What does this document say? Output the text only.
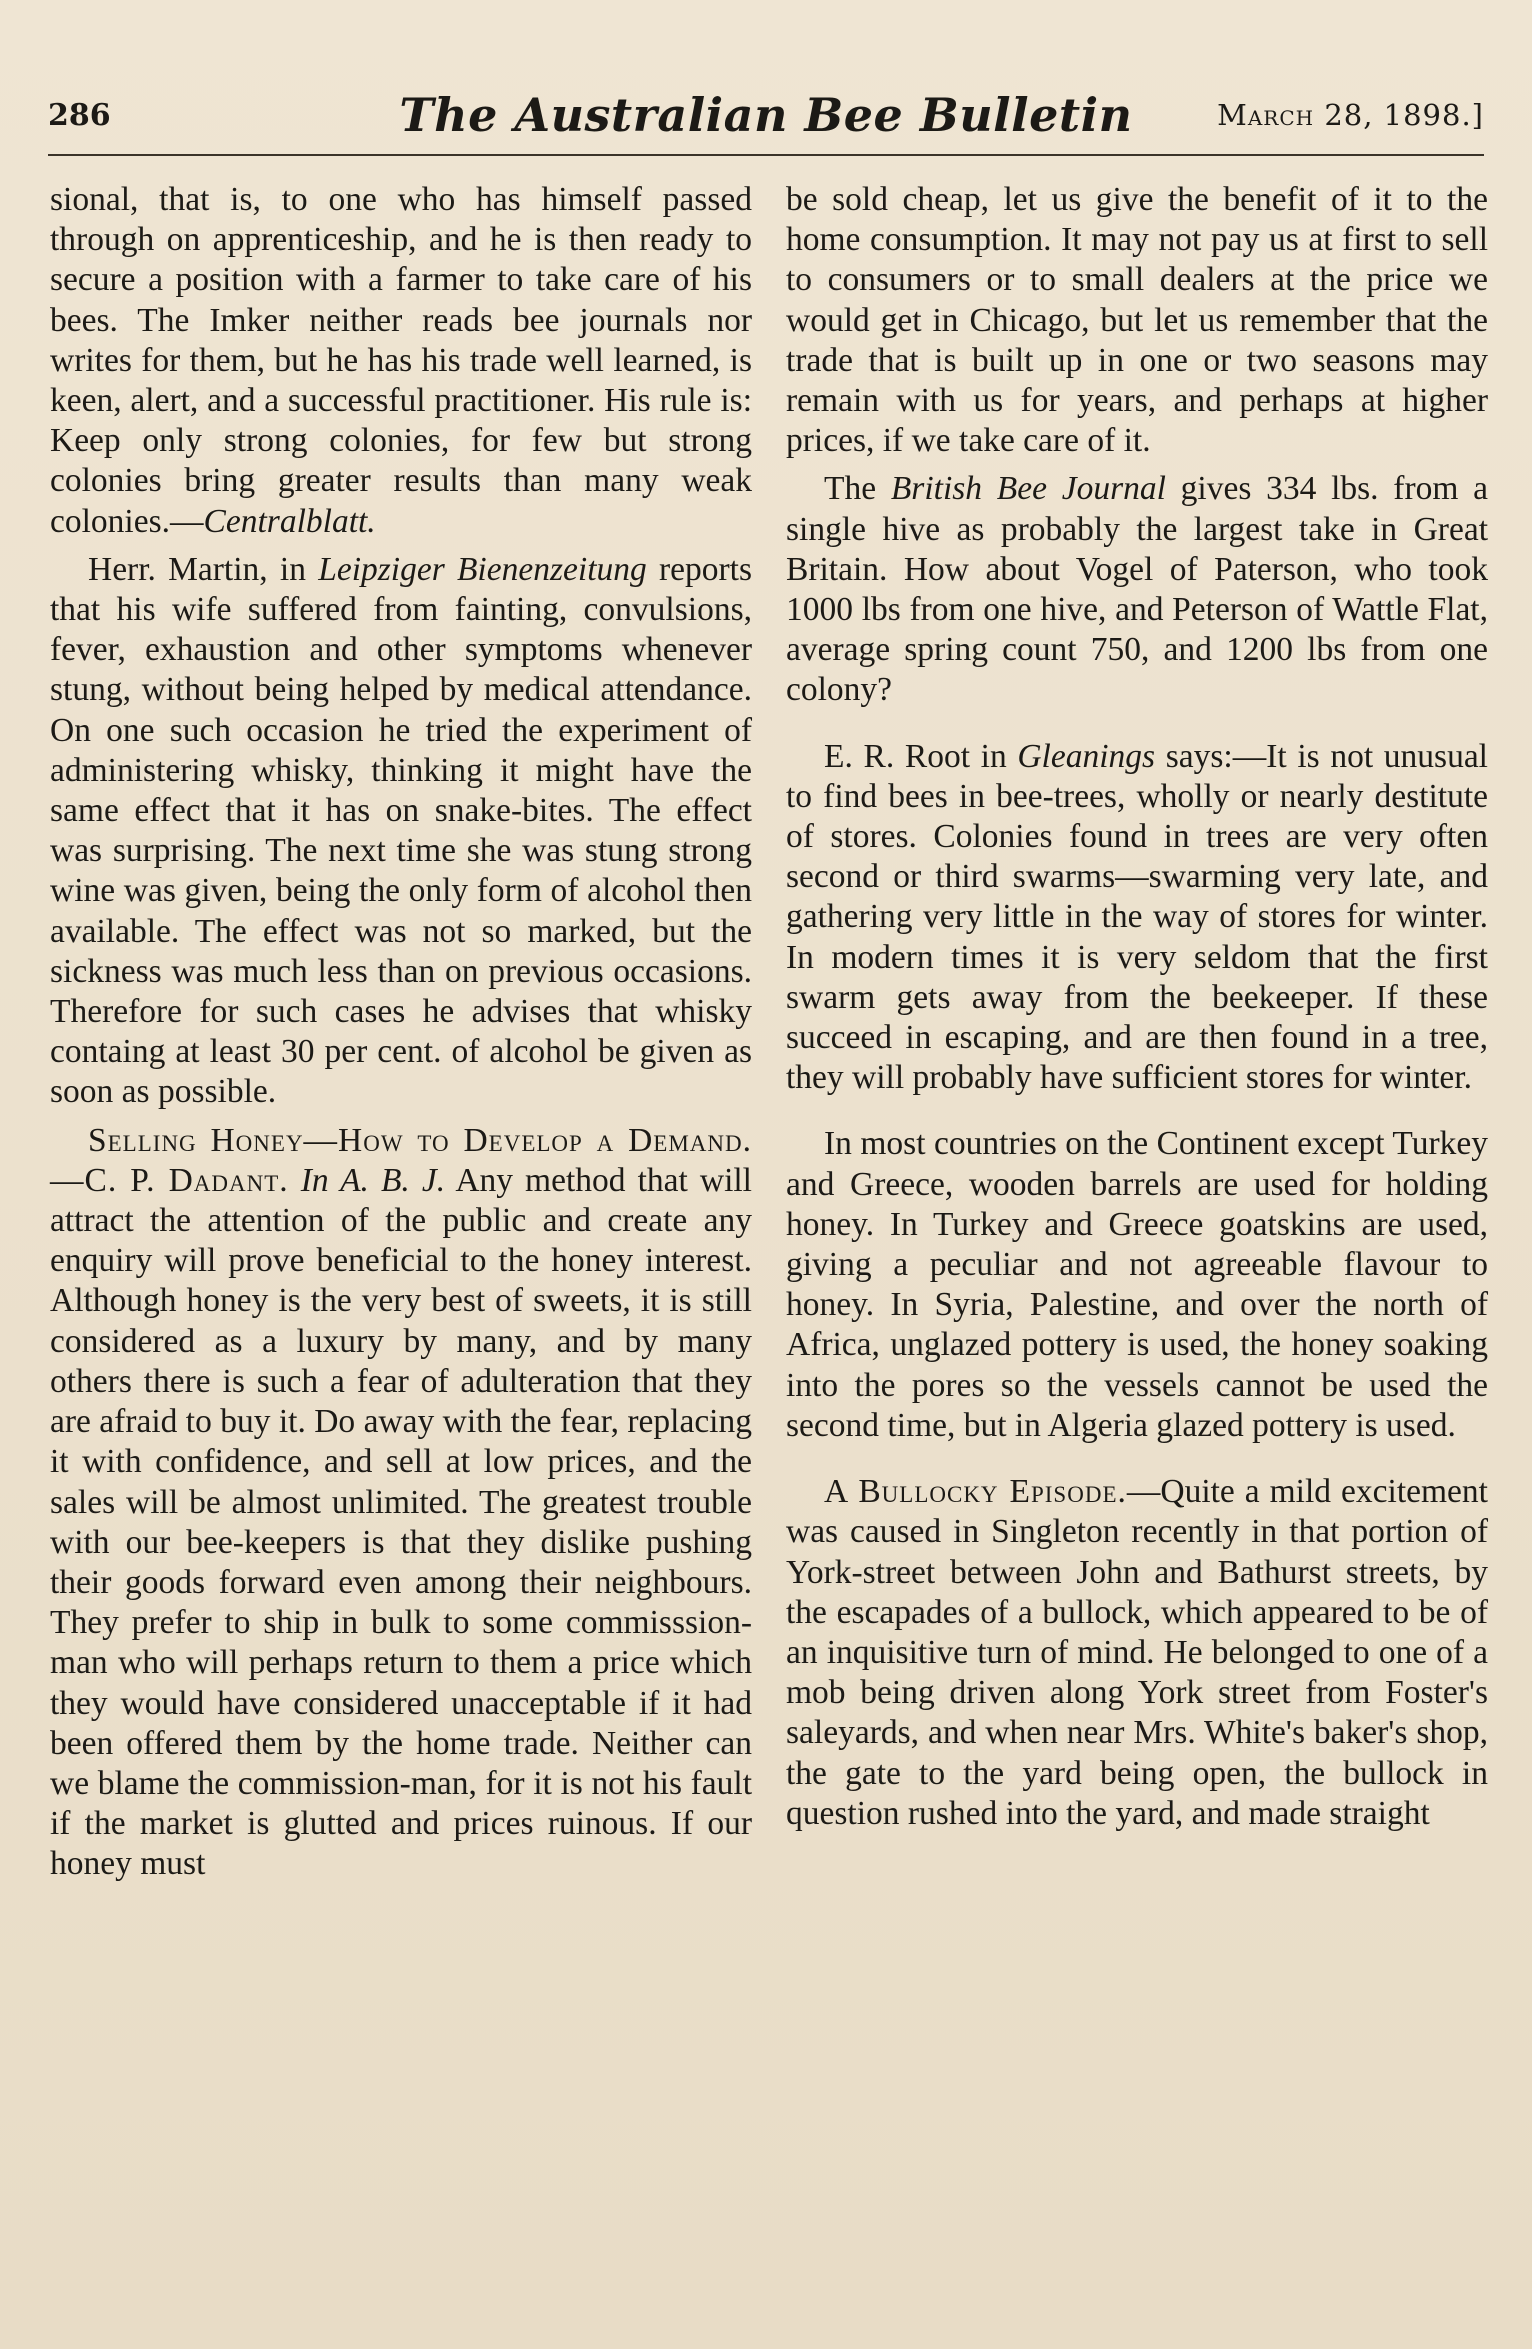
286	The Australian Bee Bulletin	March 28, 1898.]

sional, that is, to one who has himself passed through on apprenticeship, and he is then ready to secure a position with a farmer to take care of his bees. The Imker neither reads bee journals nor writes for them, but he has his trade well learned, is keen, alert, and a successful practitioner. His rule is: Keep only strong colonies, for few but strong colonies bring greater results than many weak colonies.—Centralblatt.

Herr. Martin, in Leipziger Bienenzeitung reports that his wife suffered from fainting, convulsions, fever, exhaustion and other symptoms whenever stung, without being helped by medical attendance. On one such occasion he tried the experiment of administering whisky, thinking it might have the same effect that it has on snake-bites. The effect was surprising. The next time she was stung strong wine was given, being the only form of alcohol then available. The effect was not so marked, but the sickness was much less than on previous occasions. Therefore for such cases he advises that whisky containg at least 30 per cent. of alcohol be given as soon as possible.

Selling Honey—How to Develop a Demand.—C. P. Dadant. In A. B. J. Any method that will attract the attention of the public and create any enquiry will prove beneficial to the honey interest. Although honey is the very best of sweets, it is still considered as a luxury by many, and by many others there is such a fear of adulteration that they are afraid to buy it. Do away with the fear, replacing it with confidence, and sell at low prices, and the sales will be almost unlimited. The greatest trouble with our bee-keepers is that they dislike pushing their goods forward even among their neighbours. They prefer to ship in bulk to some commisssion-man who will perhaps return to them a price which they would have considered unacceptable if it had been offered them by the home trade. Neither can we blame the commission-man, for it is not his fault if the market is glutted and prices ruinous. If our honey must

be sold cheap, let us give the benefit of it to the home consumption. It may not pay us at first to sell to consumers or to small dealers at the price we would get in Chicago, but let us remember that the trade that is built up in one or two seasons may remain with us for years, and perhaps at higher prices, if we take care of it.

The British Bee Journal gives 334 lbs. from a single hive as probably the largest take in Great Britain. How about Vogel of Paterson, who took 1000 lbs from one hive, and Peterson of Wattle Flat, average spring count 750, and 1200 lbs from one colony?

E. R. Root in Gleanings says:—It is not unusual to find bees in bee-trees, wholly or nearly destitute of stores. Colonies found in trees are very often second or third swarms—swarming very late, and gathering very little in the way of stores for winter. In modern times it is very seldom that the first swarm gets away from the beekeeper. If these succeed in escaping, and are then found in a tree, they will probably have sufficient stores for winter.

In most countries on the Continent except Turkey and Greece, wooden barrels are used for holding honey. In Turkey and Greece goatskins are used, giving a peculiar and not agreeable flavour to honey. In Syria, Palestine, and over the north of Africa, unglazed pottery is used, the honey soaking into the pores so the vessels cannot be used the second time, but in Algeria glazed pottery is used.

A Bullocky Episode.—Quite a mild excitement was caused in Singleton recently in that portion of York-street between John and Bathurst streets, by the escapades of a bullock, which appeared to be of an inquisitive turn of mind. He belonged to one of a mob being driven along York street from Foster's saleyards, and when near Mrs. White's baker's shop, the gate to the yard being open, the bullock in question rushed into the yard, and made straight
